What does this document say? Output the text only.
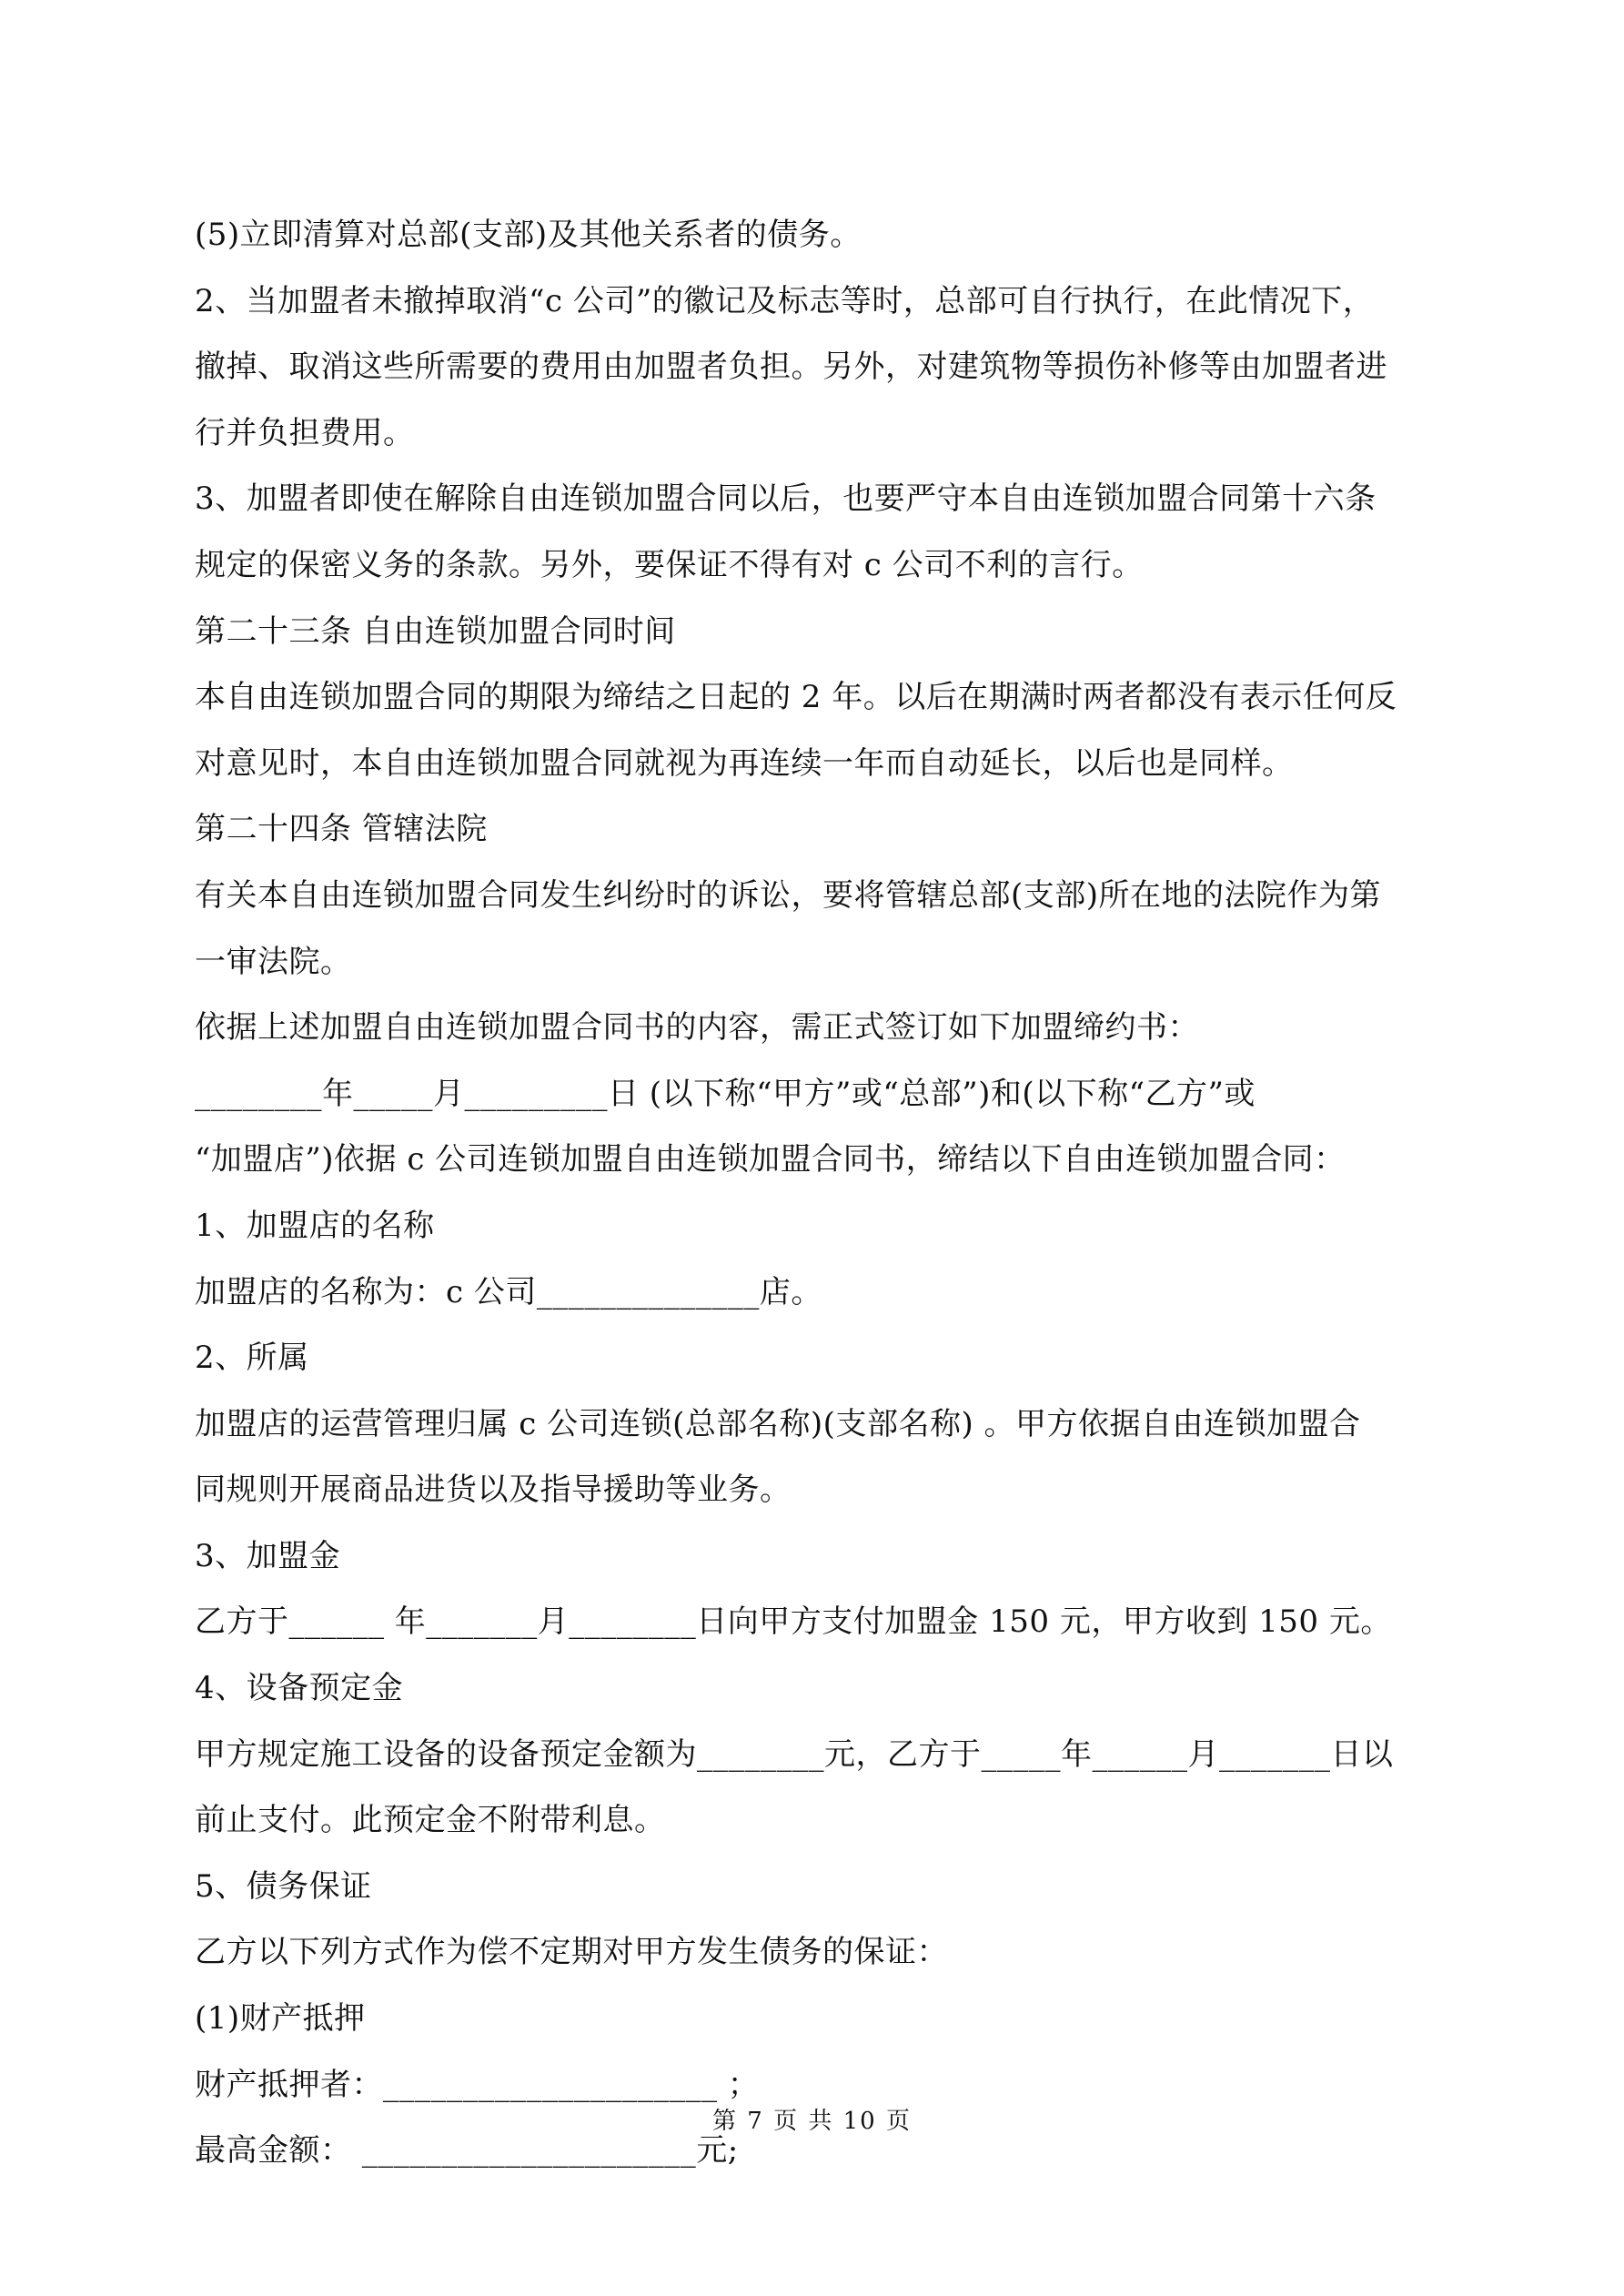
(5)立即清算对总部(支部)及其他关系者的债务。
2、当加盟者未撤掉取消“c 公司”的徽记及标志等时，总部可自行执行，在此情况下，
撤掉、取消这些所需要的费用由加盟者负担。另外，对建筑物等损伤补修等由加盟者进
行并负担费用。
3、加盟者即使在解除自由连锁加盟合同以后，也要严守本自由连锁加盟合同第十六条
规定的保密义务的条款。另外，要保证不得有对 c 公司不利的言行。
第二十三条 自由连锁加盟合同时间
本自由连锁加盟合同的期限为缔结之日起的 2 年。以后在期满时两者都没有表示任何反
对意见时，本自由连锁加盟合同就视为再连续一年而自动延长，以后也是同样。
第二十四条 管辖法院
有关本自由连锁加盟合同发生纠纷时的诉讼，要将管辖总部(支部)所在地的法院作为第
一审法院。
依据上述加盟自由连锁加盟合同书的内容，需正式签订如下加盟缔约书：
________年_____月_________日 (以下称“甲方”或“总部”)和(以下称“乙方”或
“加盟店”)依据 c 公司连锁加盟自由连锁加盟合同书，缔结以下自由连锁加盟合同：
1、加盟店的名称
加盟店的名称为：c 公司______________店。
2、所属
加盟店的运营管理归属 c 公司连锁(总部名称)(支部名称) 。甲方依据自由连锁加盟合
同规则开展商品进货以及指导援助等业务。
3、加盟金
乙方于______ 年_______月________日向甲方支付加盟金 150 元，甲方收到 150 元。
4、设备预定金
甲方规定施工设备的设备预定金额为________元，乙方于_____年______月_______日以
前止支付。此预定金不附带利息。
5、债务保证
乙方以下列方式作为偿不定期对甲方发生债务的保证：
(1)财产抵押
财产抵押者：_____________________ ；
最高金额： _____________________元;
第 7 页 共 10 页
